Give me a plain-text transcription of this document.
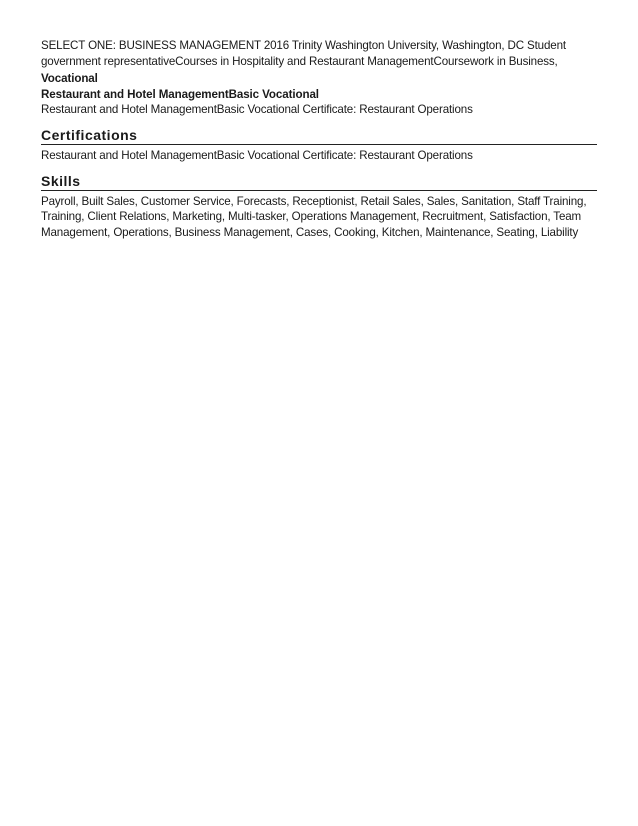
SELECT ONE: BUSINESS MANAGEMENT 2016 Trinity Washington University, Washington, DC Student government representativeCourses in Hospitality and Restaurant ManagementCoursework in Business,

Vocational

Restaurant and Hotel ManagementBasic Vocational

Restaurant and Hotel ManagementBasic Vocational Certificate: Restaurant Operations

Certifications

Restaurant and Hotel ManagementBasic Vocational Certificate: Restaurant Operations

Skills

Payroll, Built Sales, Customer Service, Forecasts, Receptionist, Retail Sales, Sales, Sanitation, Staff Training, Training, Client Relations, Marketing, Multi-tasker, Operations Management, Recruitment, Satisfaction, Team Management, Operations, Business Management, Cases, Cooking, Kitchen, Maintenance, Seating, Liability
